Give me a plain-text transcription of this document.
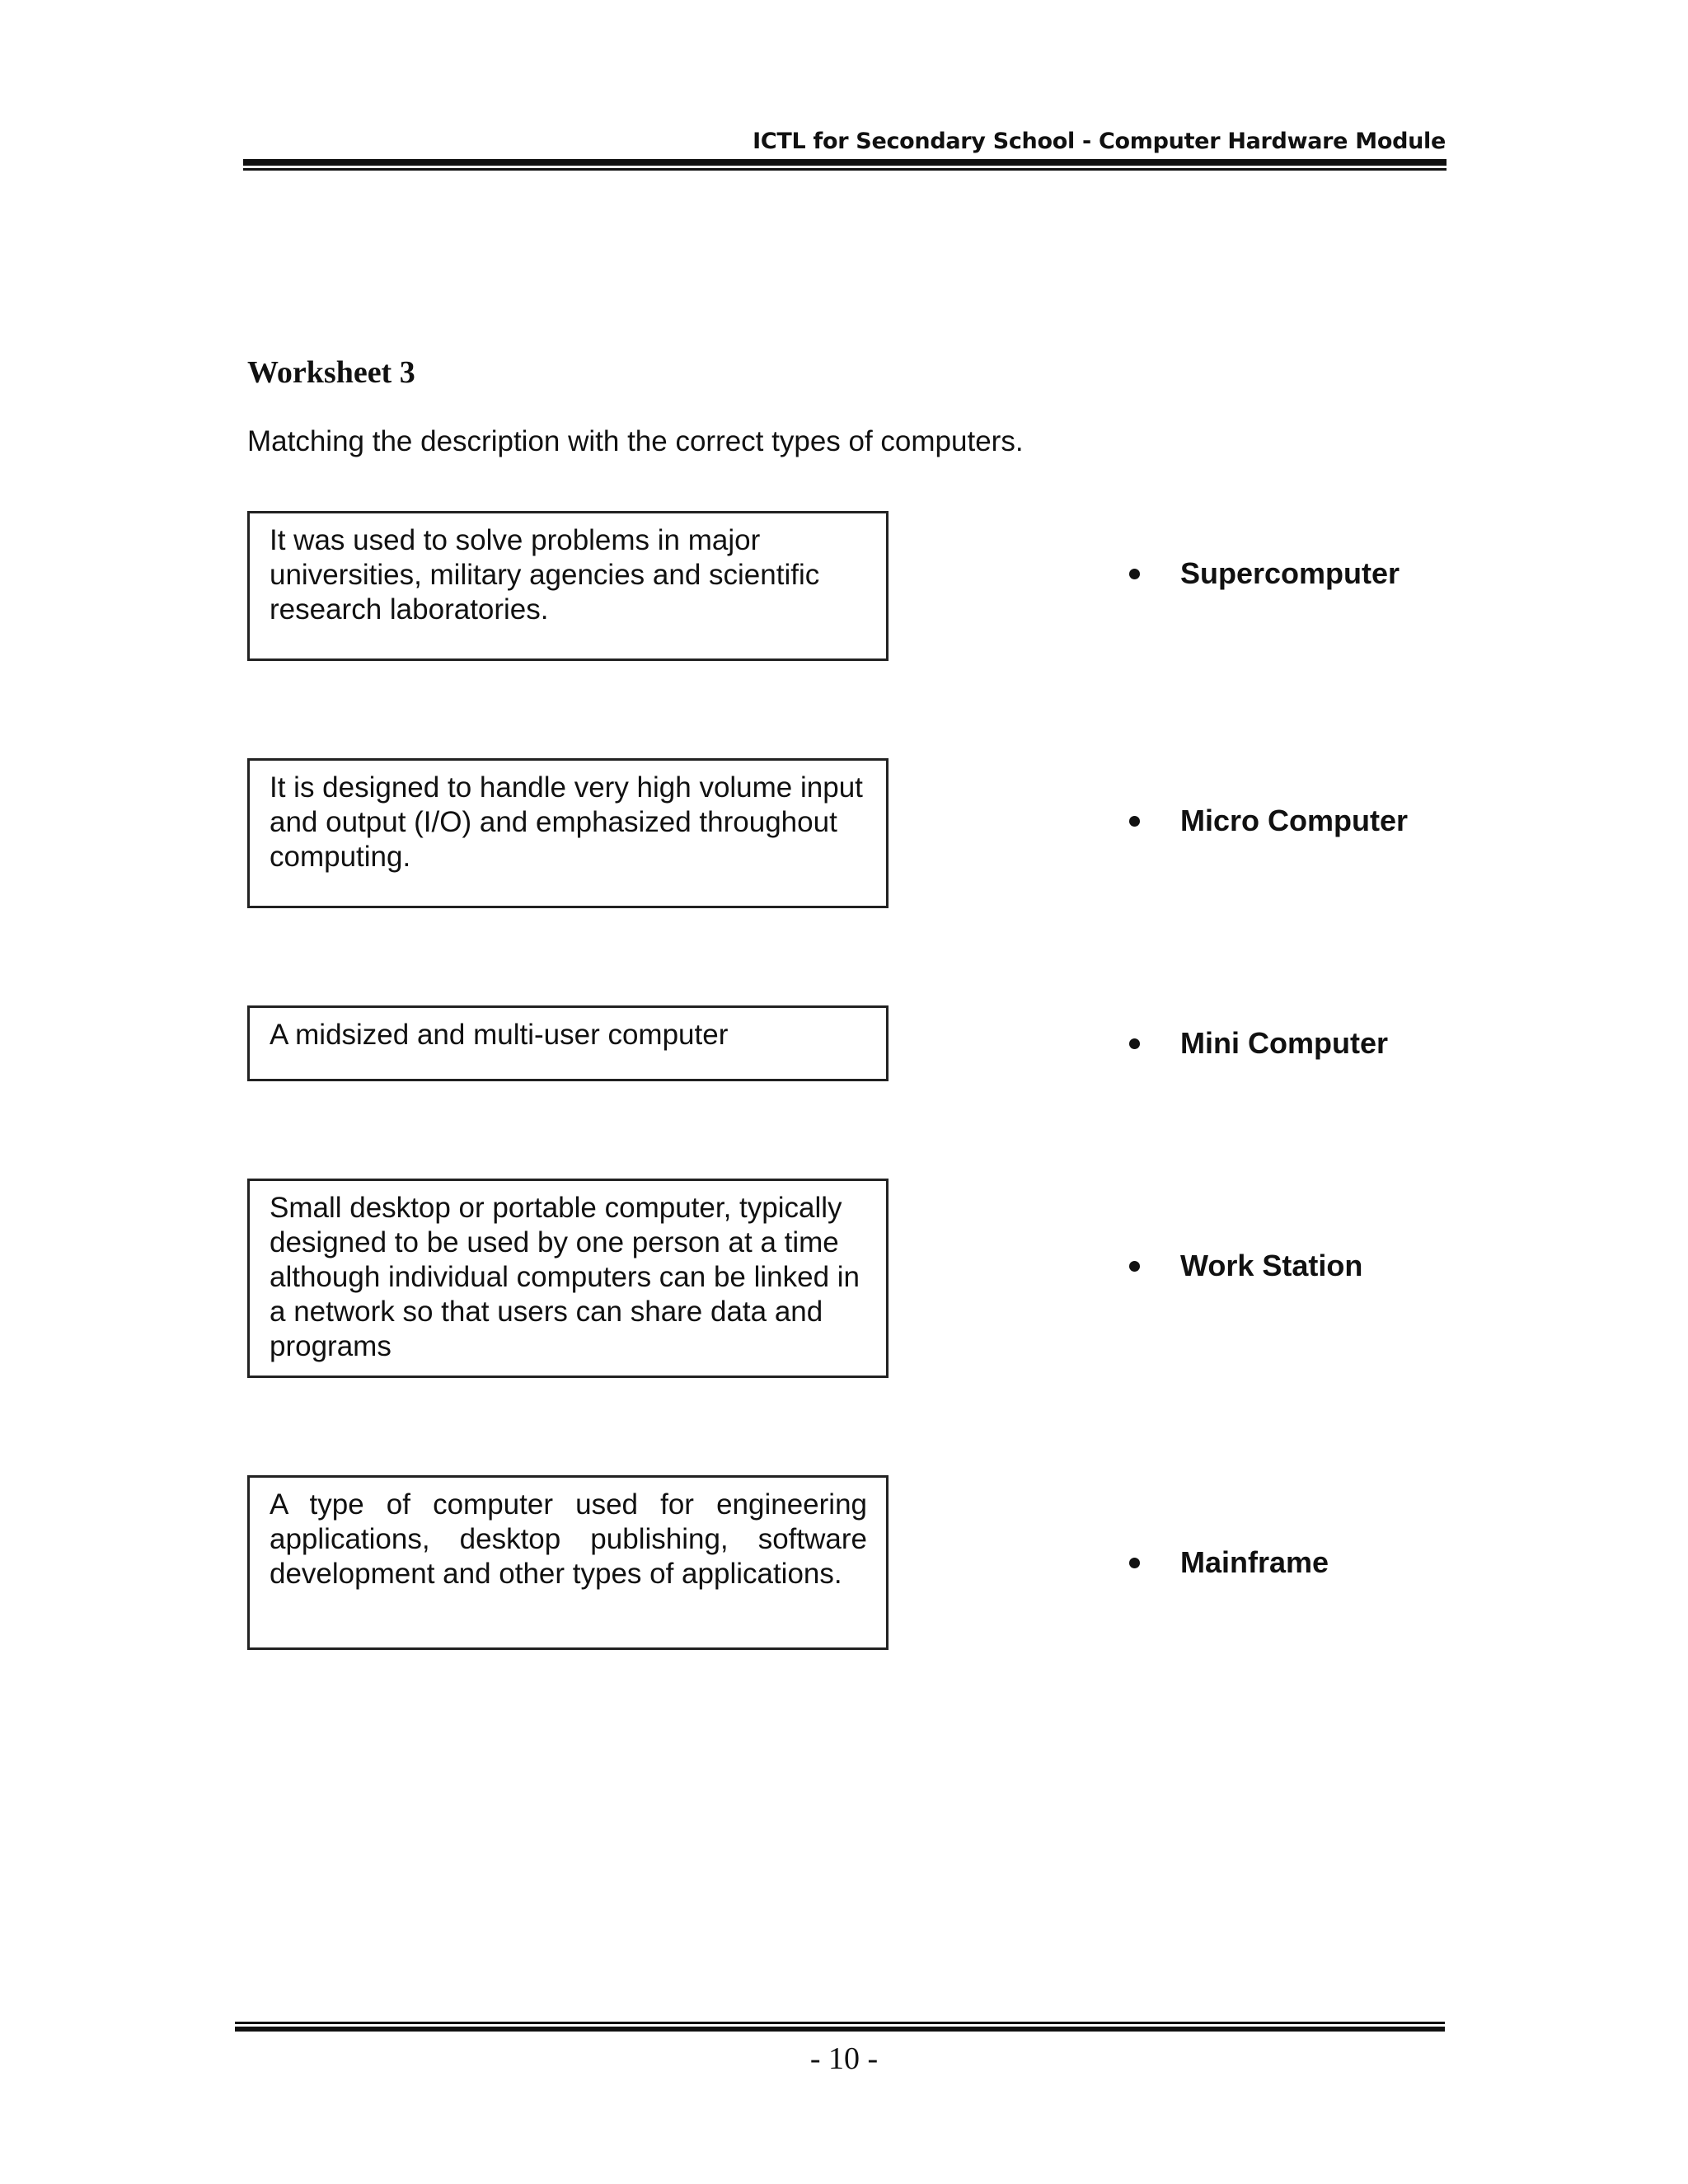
ICTL for Secondary School - Computer Hardware Module
Worksheet 3
Matching the description with the correct types of computers.
It was used to solve problems in major universities, military agencies and scientific research laboratories.
It is designed to handle very high volume input and output (I/O) and emphasized throughout computing.
A midsized and multi-user computer
Small desktop or portable computer, typically designed to be used by one person at a time although individual computers can be linked in a network so that users can share data and programs
A type of computer used for engineering applications, desktop publishing, software development and other types of applications.
Supercomputer
Micro Computer
Mini Computer
Work Station
Mainframe
- 10 -
